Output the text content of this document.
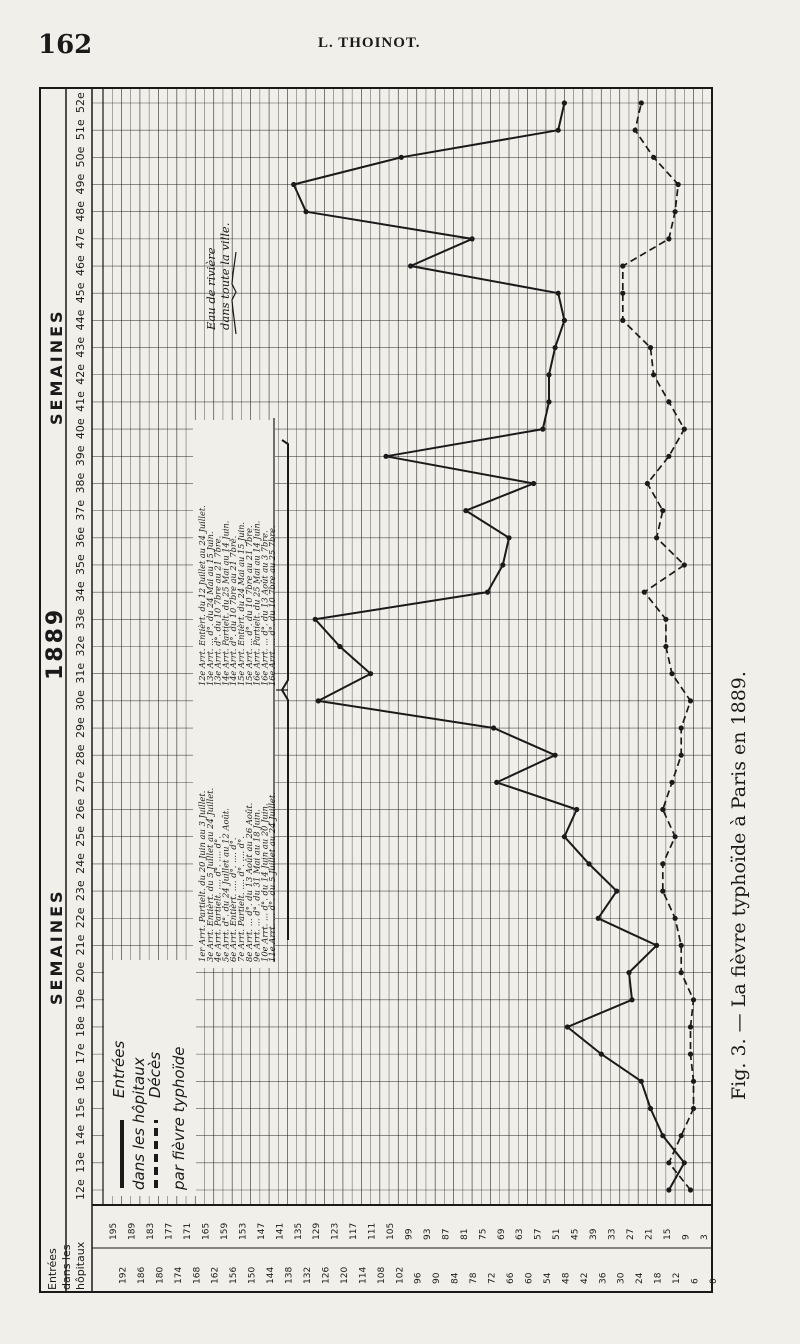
162	L. THOINOT.
12e
13e
14e
15e
16e
17e
18e
19e
20e
21e
22e
23e
24e
25e
26e
27e
28e
29e
30e
31e
32e
33e
34e
35e
36e
37e
38e
39e
40e
41e
42e
43e
44e
45e
46e
47e
48e
49e
50e
51e
52e
SEMAINES
SEMAINES
1889
Entrées dans les hôpitaux
3
9
15
21
27
33
39
45
51
57
63
69
75
81
87
93
99
105
111
117
123
129
135
141
147
153
159
165
171
177
183
189
195
0
6
12
18
24
30
36
42
48
54
60
66
72
78
84
90
96
102
108
114
120
126
132
138
144
150
156
162
168
174
180
186
192
Entrées dans les hôpitaux
Décès par fièvre typhoïde
1er Arrt. Partielt. du 20 Juin au 3 Juillet.
3e Arrt. Entièrt. du 5 Juillet au 24 Juillet.
4e Arrt. Partielt. .... d°. .... d°.
5e Arrt. d°. du 24 Juillet au 12 Août.
6e Arrt. Entièrt. .... d°. .... d°.
7e Arrt. Partielt. .... d°. .... d°.
8e Arrt. ... d°. du 13 Août au 26 Août.
9e Arrt. ... d°. du 31 Mai au 18 Juin.
10e Arrt. ... d°. du 14 Juin au 20 Juin.
11e Arrt. ... d°. du 5 Juillet au 24 Juillet.
12e Arrt. Entièrt. du 12 Juillet au 24 Juillet.
13e Arrt. ... d°. du 24 Mai au 15 Juin.
13e Arrt. d°. du 10 7bre au 21 7bre.
14e Arrt. Partielt. du 25 Mai au 14 Juin.
14e Arrt. d°. du 10 7bre au 21 7bre.
15e Arrt. Entièrt. du 24 Mai au 15 Juin.
15e Arrt. ... d°. du 10 7bre au 21 7bre.
16e Arrt. Partielt. du 25 Mai au 14 Juin.
16e Arrt. ... d°. du 13 Août au 3 7bre.
16e Arrt. ... d°. du 10 7bre au 25 7bre.
Eau de rivière dans toute la ville.
Fig. 3. — La fièvre typhoïde à Paris en 1889.
